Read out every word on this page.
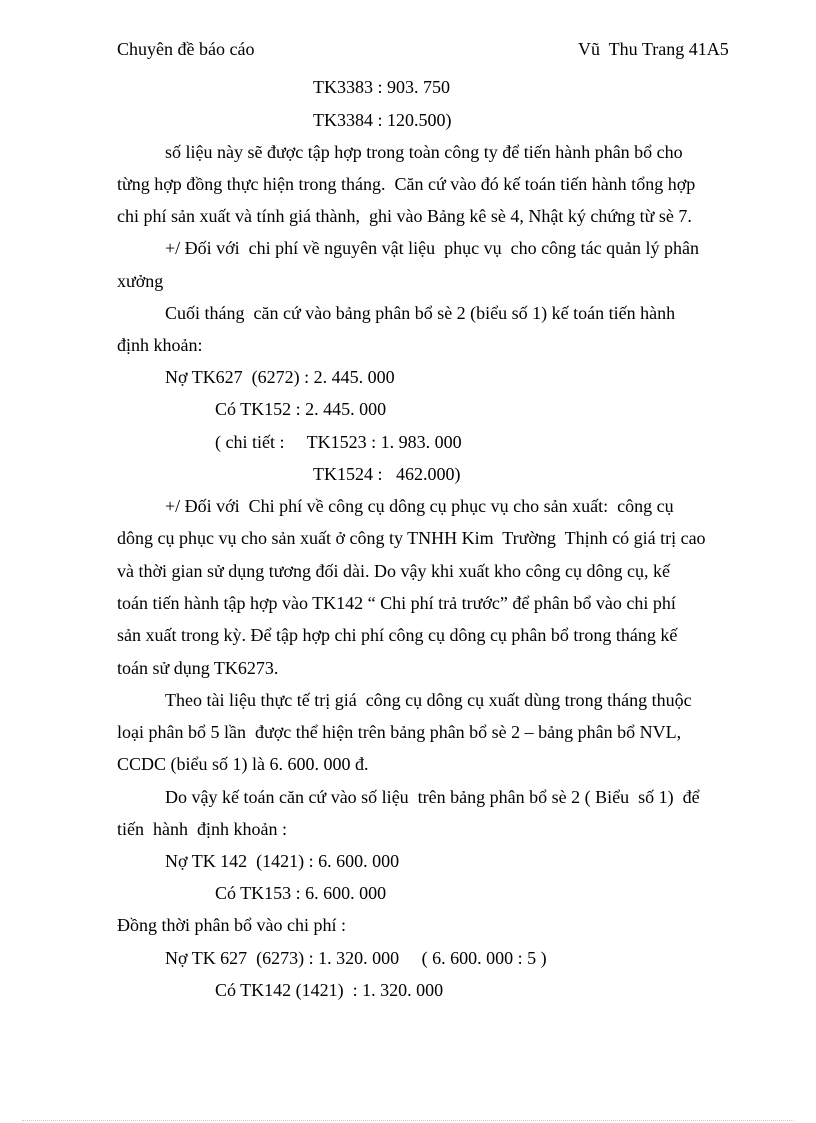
Chuyên đề báo cáo	Vũ  Thu Trang 41A5
TK3383 : 903. 750
TK3384 : 120.500)
số liệu này sẽ được tập hợp trong toàn công ty để tiến hành phân bổ cho
từng hợp đồng thực hiện trong tháng.  Căn cứ vào đó kế toán tiến hành tổng hợp
chi phí sản xuất và tính giá thành,  ghi vào Bảng kê sè 4, Nhật ký chứng từ sè 7.
+/ Đối với  chi phí về nguyên vật liệu  phục vụ  cho công tác quản lý phân
xưởng
Cuối tháng  căn cứ vào bảng phân bổ sè 2 (biểu số 1) kế toán tiến hành
định khoản:
Nợ TK627  (6272) : 2. 445. 000
Có TK152 : 2. 445. 000
( chi tiết :     TK1523 : 1. 983. 000
TK1524 :   462.000)
+/ Đối với  Chi phí về công cụ dông cụ phục vụ cho sản xuất:  công cụ
dông cụ phục vụ cho sản xuất ở công ty TNHH Kim  Trường  Thịnh có giá trị cao
và thời gian sử dụng tương đối dài. Do vậy khi xuất kho công cụ dông cụ, kế
toán tiến hành tập hợp vào TK142 “ Chi phí trả trước” để phân bổ vào chi phí
sản xuất trong kỳ. Để tập hợp chi phí công cụ dông cụ phân bổ trong tháng kế
toán sử dụng TK6273.
Theo tài liệu thực tế trị giá  công cụ dông cụ xuất dùng trong tháng thuộc
loại phân bổ 5 lần  được thể hiện trên bảng phân bổ sè 2 – bảng phân bổ NVL,
CCDC (biểu số 1) là 6. 600. 000 đ.
Do vậy kế toán căn cứ vào số liệu  trên bảng phân bổ sè 2 ( Biểu  số 1)  để
tiến  hành  định khoản :
Nợ TK 142  (1421) : 6. 600. 000
Có TK153 : 6. 600. 000
Đồng thời phân bổ vào chi phí :
Nợ TK 627  (6273) : 1. 320. 000     ( 6. 600. 000 : 5 )
Có TK142 (1421)  : 1. 320. 000
